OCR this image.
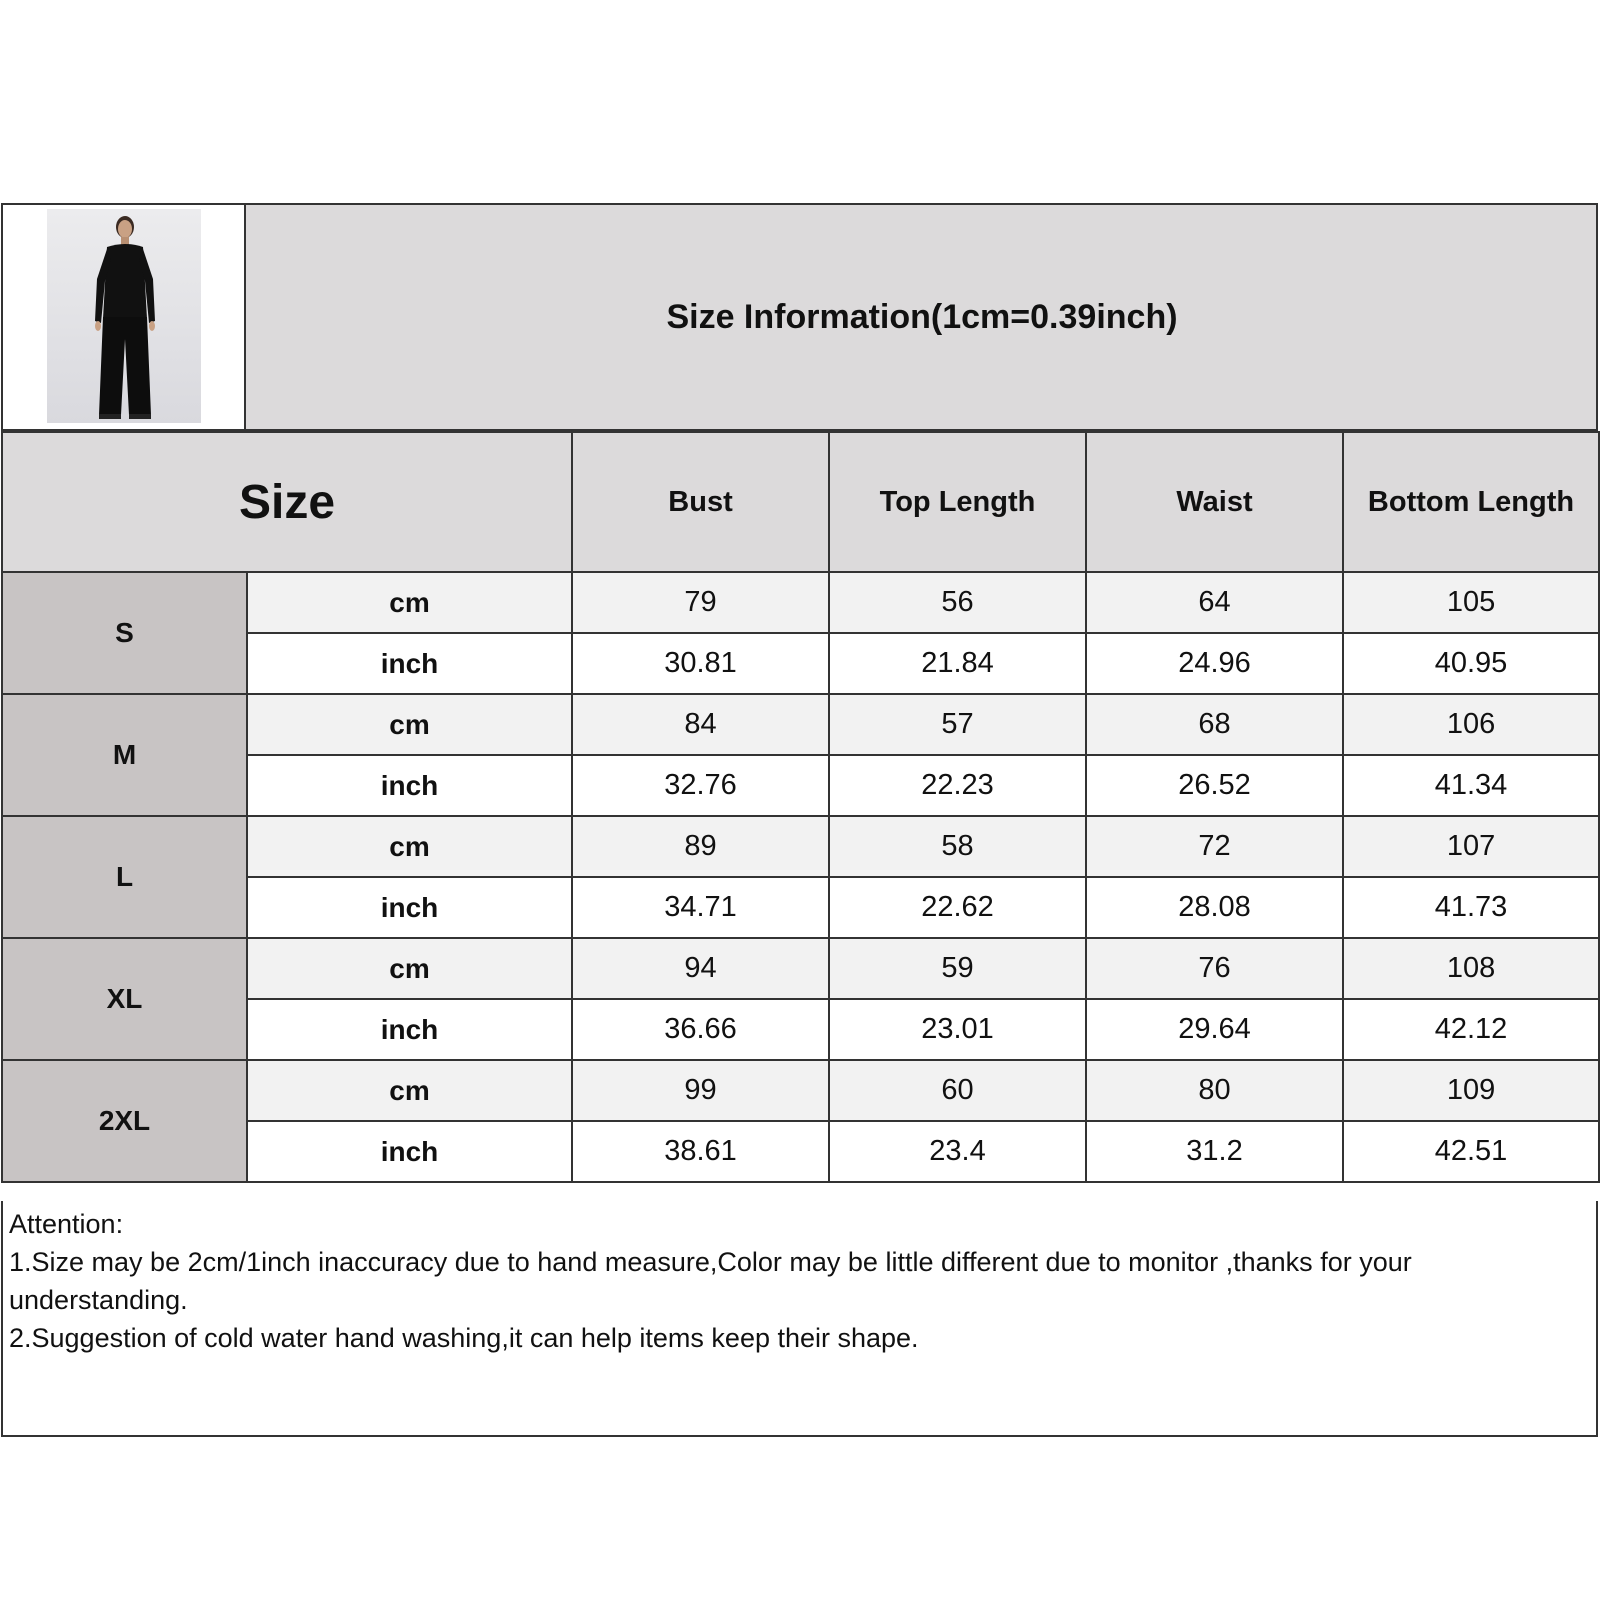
Size Information(1cm=0.39inch)
Size		Bust	Top Length	Waist	Bottom Length
S	cm	79	56	64	105
	inch	30.81	21.84	24.96	40.95
M	cm	84	57	68	106
	inch	32.76	22.23	26.52	41.34
L	cm	89	58	72	107
	inch	34.71	22.62	28.08	41.73
XL	cm	94	59	76	108
	inch	36.66	23.01	29.64	42.12
2XL	cm	99	60	80	109
	inch	38.61	23.4	31.2	42.51
Attention:
1.Size may be 2cm/1inch inaccuracy due to hand measure,Color may be little different due to monitor ,thanks for your understanding.
2.Suggestion of cold water hand washing,it can help items keep their shape.
